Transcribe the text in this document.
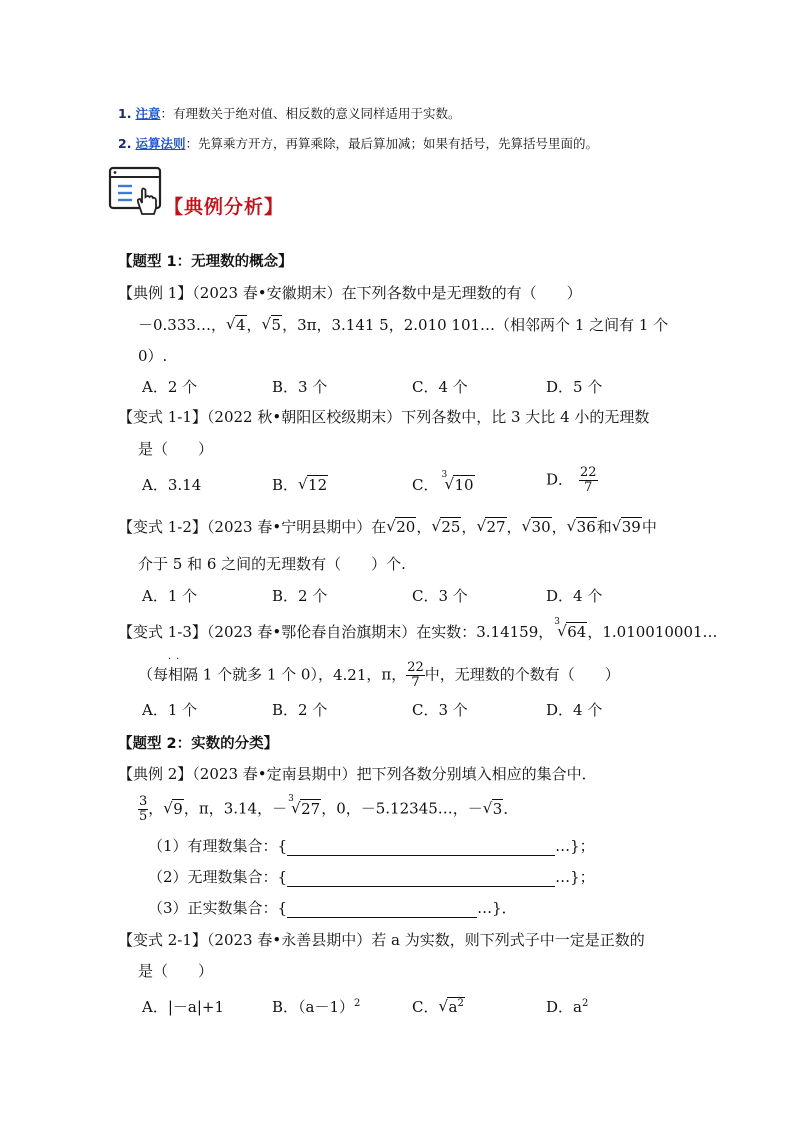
1. 注意：有理数关于绝对值、相反数的意义同样适用于实数。
2. 运算法则：先算乘方开方，再算乘除，最后算加减；如果有括号，先算括号里面的。
【典例分析】
【题型 1：无理数的概念】
【典例 1】（2023 春•安徽期末）在下列各数中是无理数的有（　　）
－0.333…， √ 4， √ 5，3π，3.141 5，2.010 101…（相邻两个 1 之间有 1 个
0）.
A．2 个	B．3 个	C．4 个	D．5 个
【变式 1-1】（2022 秋•朝阳区校级期末）下列各数中，比 3 大比 4 小的无理数
是（　　）
A．3.14	B． √ 12	C．
3
√ 10	D． $\frac{22}{7}$
【变式 1-2】（2023 春•宁明县期中）在 √ 20， √ 25， √ 27， √ 30， √ 36和 √ 39中
介于 5 和 6 之间的无理数有（　　）个.
A．1 个	B．2 个	C．3 个	D．4 个
【变式 1-3】（2023 春•鄂伦春自治旗期末）在实数：3.14159，
3
√ 64，1.010010001…
（每相隔 1 个就多 1 个 0），4.21，π， $\frac{22}{7}$ 中，无理数的个数有（　　）
··
A．1 个	B．2 个	C．3 个	D．4 个
【题型 2：实数的分类】
【典例 2】（2023 春•定南县期中）把下列各数分别填入相应的集合中．
$\frac{3}{5}$ ， √ 9，π，3.14，－
3
√ 27，0，－5.12345…，－ √ 3．
（1）有理数集合：{	…}；
（2）无理数集合：{	…}；
（3）正实数集合：{	…}．
【变式 2-1】（2023 春•永善县期中）若 a 为实数，则下列式子中一定是正数的
是（　　）
A．|－a|+1	B．$(a-1)^2$	C． √ $a^2$	D．$a^2$
